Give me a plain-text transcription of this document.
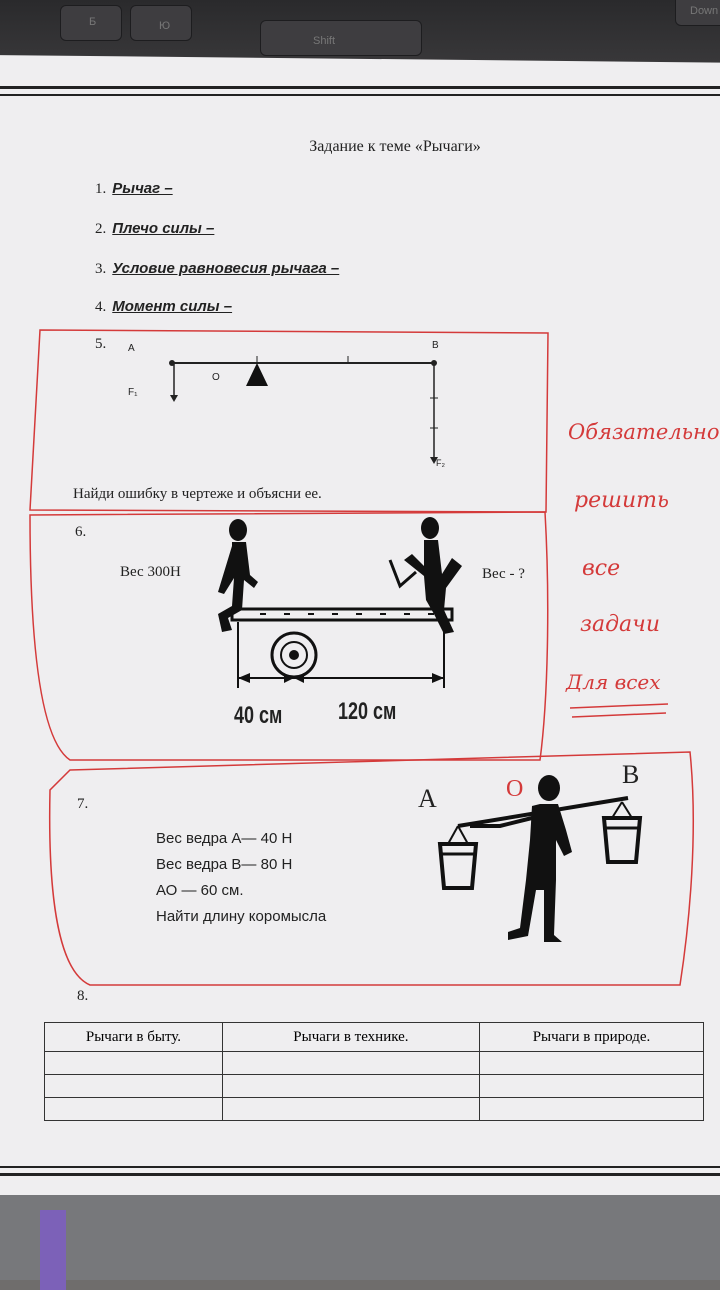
Б	Ю
Shift
Down
Задание к теме «Рычаги»
1. Рычаг –
2. Плечо силы –
3. Условие равновесия рычага –
4. Момент силы –
5. A	B
O
F₁
F₂
Найди ошибку в чертеже и объясни ее.
6.
Вес 300Н	Вес - ?
40 см 120 см
7.
Вес ведра А— 40 Н
Вес ведра В— 80 Н
АО — 60 см.
Найти длину коромысла
A
B
O
8.
Рычаги в быту.	Рычаги в технике.	Рычаги в природе.

Обязательно
решить
все
задачи
Для всех
